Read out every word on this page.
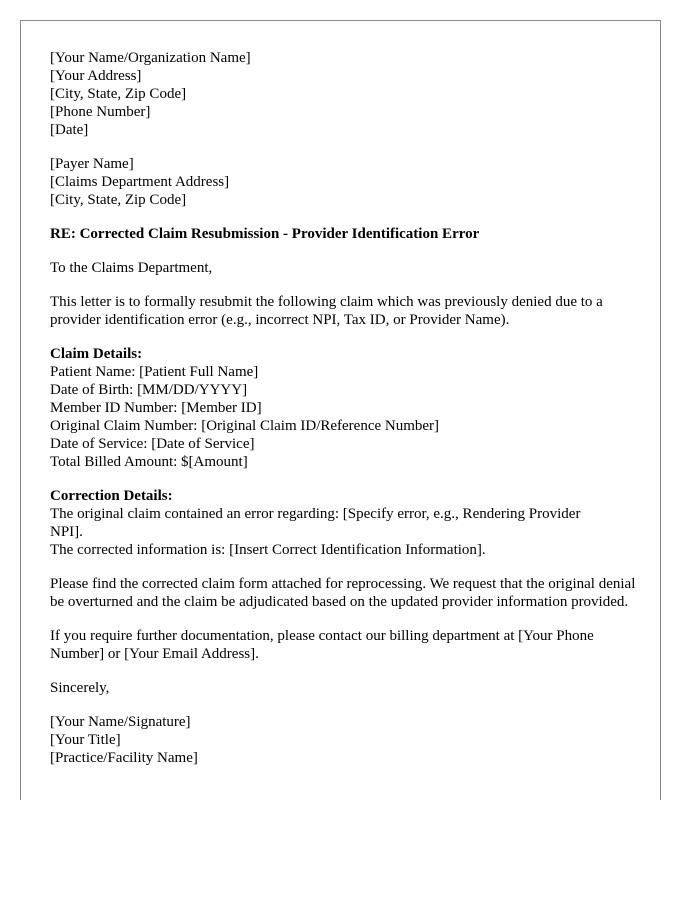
[Your Name/Organization Name]
[Your Address]
[City, State, Zip Code]
[Phone Number]
[Date]
[Payer Name]
[Claims Department Address]
[City, State, Zip Code]
RE: Corrected Claim Resubmission - Provider Identification Error
To the Claims Department,
This letter is to formally resubmit the following claim which was previously denied due to a provider identification error (e.g., incorrect NPI, Tax ID, or Provider Name).
Claim Details:
Patient Name: [Patient Full Name]
Date of Birth: [MM/DD/YYYY]
Member ID Number: [Member ID]
Original Claim Number: [Original Claim ID/Reference Number]
Date of Service: [Date of Service]
Total Billed Amount: $[Amount]
Correction Details:
The original claim contained an error regarding: [Specify error, e.g., Rendering Provider
NPI].
The corrected information is: [Insert Correct Identification Information].
Please find the corrected claim form attached for reprocessing. We request that the original denial be overturned and the claim be adjudicated based on the updated provider information provided.
If you require further documentation, please contact our billing department at [Your Phone Number] or [Your Email Address].
Sincerely,
[Your Name/Signature]
[Your Title]
[Practice/Facility Name]
